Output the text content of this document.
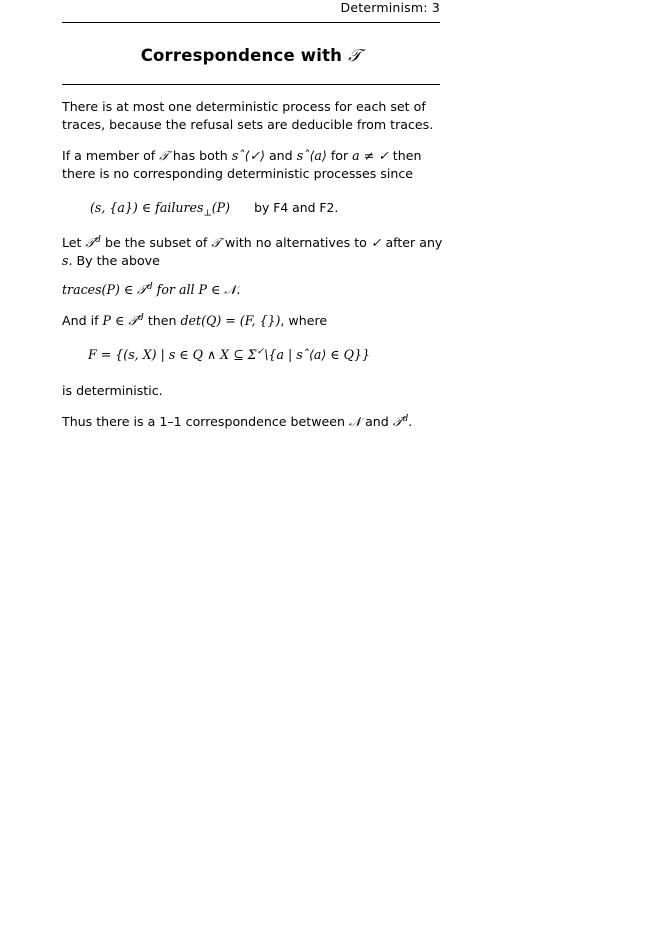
Determinism: 3
Correspondence with 𝒯

There is at most one deterministic process for each set of traces, because the refusal sets are deducible from traces.

If a member of 𝒯 has both sˆ⟨✓⟩ and sˆ⟨a⟩ for a ≠ ✓ then there is no corresponding deterministic processes since

(s, {a}) ∈ failures$_\perp$(P) by F4 and F2.

Let 𝒯$^d$ be the subset of 𝒯 with no alternatives to ✓ after any s. By the above

traces(P) ∈ 𝒯$^d$ for all P ∈ 𝒩.

And if P ∈ 𝒯$^d$ then det(Q) = (F, {}), where

F = {(s, X) | s ∈ Q ∧ X ⊆ Σ✓\{a | sˆ⟨a⟩ ∈ Q}}

is deterministic.

Thus there is a 1–1 correspondence between 𝒩 and 𝒯$^d$.
